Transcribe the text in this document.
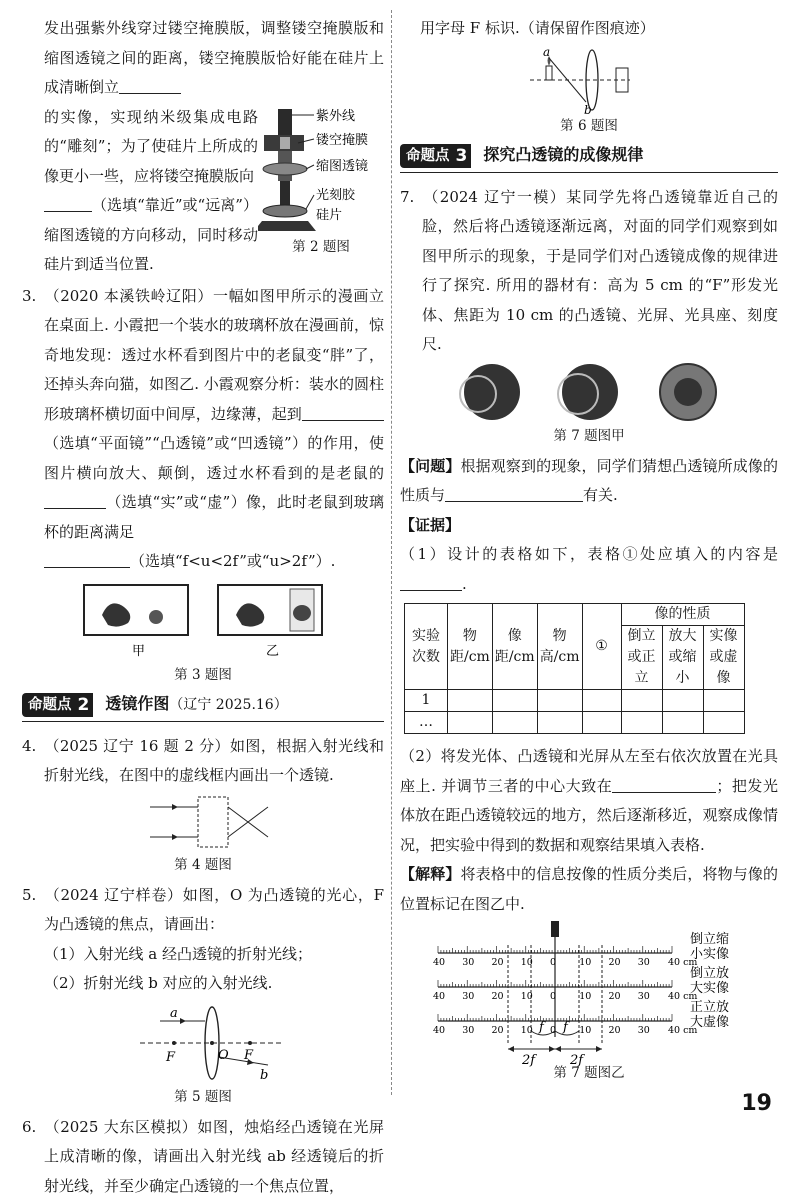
发出强紫外线穿过镂空掩膜版，调整镂空掩膜版和缩图透镜之间的距离，镂空掩膜版恰好能在硅片上成清晰倒立

的实像，实现纳米级集成电路的“雕刻”；为了使硅片上所成的像更小一些，应将镂空掩膜版向
（选填“靠近”或“远离”）缩图透镜的方向移动，同时移动硅片到适当位置.

紫外线
镂空掩膜
缩图透镜
光刻胶
硅片
第 2 题图

3. （2020 本溪铁岭辽阳）一幅如图甲所示的漫画立在桌面上. 小霞把一个装水的玻璃杯放在漫画前，惊奇地发现：透过水杯看到图片中的老鼠变“胖”了，还掉头奔向猫，如图乙. 小霞观察分析：装水的圆柱形玻璃杯横切面中间厚，边缘薄，起到（选填“平面镜”“凸透镜”或“凹透镜”）的作用，使图片横向放大、颠倒，透过水杯看到的是老鼠的（选填“实”或“虚”）像，此时老鼠到玻璃杯的距离满足
（选填“f<u<2f”或“u>2f”）.

甲	乙
第 3 题图
命题点 2 透镜作图（辽宁 2025.16）

4. （2025 辽宁 16 题 2 分）如图，根据入射光线和折射光线，在图中的虚线框内画出一个透镜.

第 4 题图

5. （2024 辽宁样卷）如图，O 为凸透镜的光心，F 为凸透镜的焦点，请画出：

（1）入射光线 a 经凸透镜的折射光线；

（2）折射光线 b 对应的入射光线.

a
F	O F
b
第 5 题图

6. （2025 大东区模拟）如图，烛焰经凸透镜在光屏上成清晰的像，请画出入射光线 ab 经透镜后的折射光线，并至少确定凸透镜的一个焦点位置，

用字母 F 标识.（请保留作图痕迹）

a
b
第 6 题图
命题点 3 探究凸透镜的成像规律

7. （2024 辽宁一模）某同学先将凸透镜靠近自己的脸，然后将凸透镜逐渐远离，对面的同学们观察到如图甲所示的现象，于是同学们对凸透镜成像的规律进行了探究. 所用的器材有：高为 5 cm 的“F”形发光体、焦距为 10 cm 的凸透镜、光屏、光具座、刻度尺.

第 7 题图甲

【问题】根据观察到的现象，同学们猜想凸透镜所成像的性质与	有关.

【证据】

（1）设计的表格如下，表格①处应填入的内容是.

实验次数	物距/cm	像距/cm	物高/cm	①	像的性质		
					倒立或正立	放大或缩小	实像或虚像
1							
…							

（2）将发光体、凸透镜和光屏从左至右依次放置在光具座上. 并调节三者的中心大致在	；把发光体放在距凸透镜较远的地方，然后逐渐移近，观察成像情况，把实验中得到的数据和观察结果填入表格.

【解释】将表格中的信息按像的性质分类后，将物与像的位置标记在图乙中.

40 30 20 10 0 10 20 30 40 cm
倒立缩
小实像
40 30 20 10 0 10 20 30 40 cm
倒立放
大实像
40 30 20 10 0 10 20 30 40 cm
正立放
大虚像
f f
2f	2f
第 7 题图乙
19
